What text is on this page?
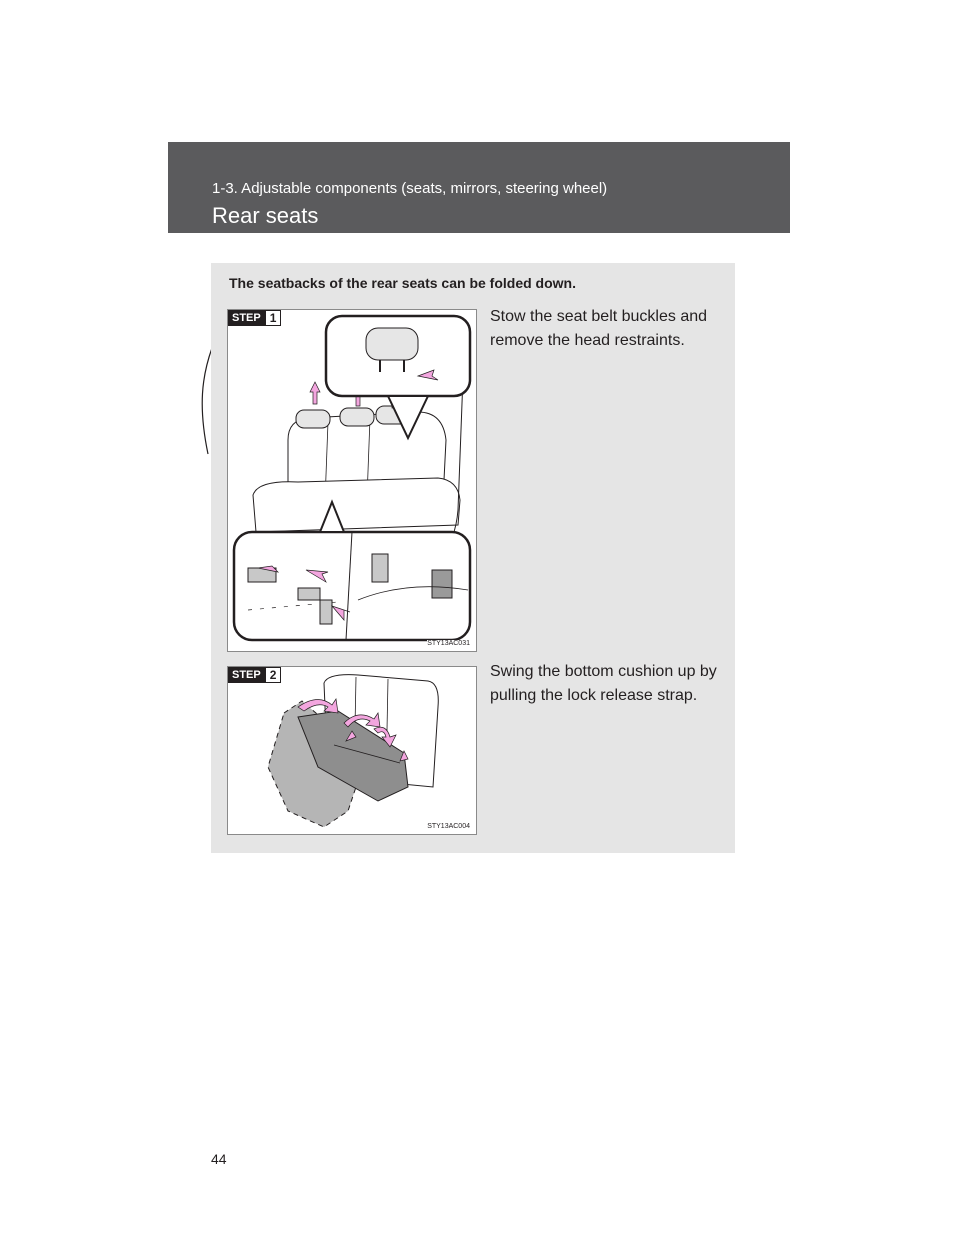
1-3. Adjustable components (seats, mirrors, steering wheel)
Rear seats
The seatbacks of the rear seats can be folded down.
STEP 1
STY13AC031
Stow the seat belt buckles and remove the head restraints.
STEP 2
STY13AC004
Swing the bottom cushion up by pulling the lock release strap.
44
